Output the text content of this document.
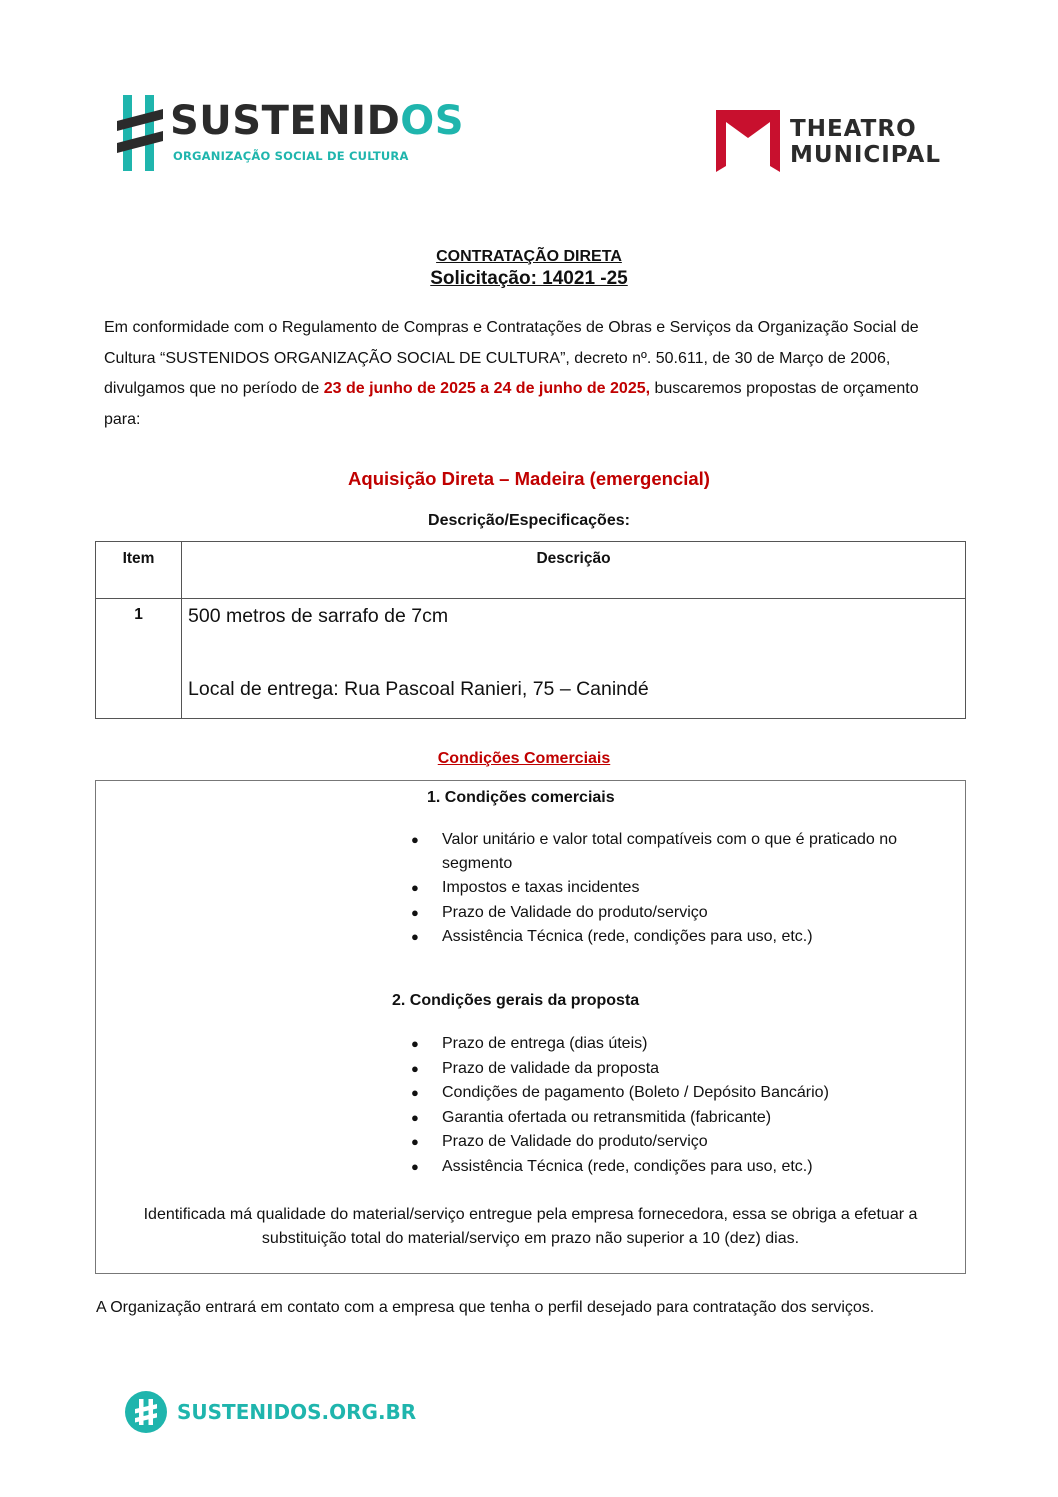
SUSTENIDOS
ORGANIZAÇÃO SOCIAL DE CULTURA
THEATRO
MUNICIPAL
CONTRATAÇÃO DIRETA
Solicitação: 14021 -25
Em conformidade com o Regulamento de Compras e Contratações de Obras e Serviços da Organização Social de Cultura “SUSTENIDOS ORGANIZAÇÃO SOCIAL DE CULTURA”, decreto nº. 50.611, de 30 de Março de 2006, divulgamos que no período de 23 de junho de 2025 a 24 de junho de 2025, buscaremos propostas de orçamento para:
Aquisição Direta – Madeira (emergencial)
Descrição/Especificações:
Item	Descrição
1	500 metros de sarrafo de 7cm
Local de entrega: Rua Pascoal Ranieri, 75 – Canindé
Condições Comerciais
1. Condições comerciais
● Valor unitário e valor total compatíveis com o que é praticado no segmento
● Impostos e taxas incidentes
● Prazo de Validade do produto/serviço
● Assistência Técnica (rede, condições para uso, etc.)
2. Condições gerais da proposta
● Prazo de entrega (dias úteis)
● Prazo de validade da proposta
● Condições de pagamento (Boleto / Depósito Bancário)
● Garantia ofertada ou retransmitida (fabricante)
● Prazo de Validade do produto/serviço
● Assistência Técnica (rede, condições para uso, etc.)
Identificada má qualidade do material/serviço entregue pela empresa fornecedora, essa se obriga a efetuar a substituição total do material/serviço em prazo não superior a 10 (dez) dias.
A Organização entrará em contato com a empresa que tenha o perfil desejado para contratação dos serviços.
SUSTENIDOS.ORG.BR
